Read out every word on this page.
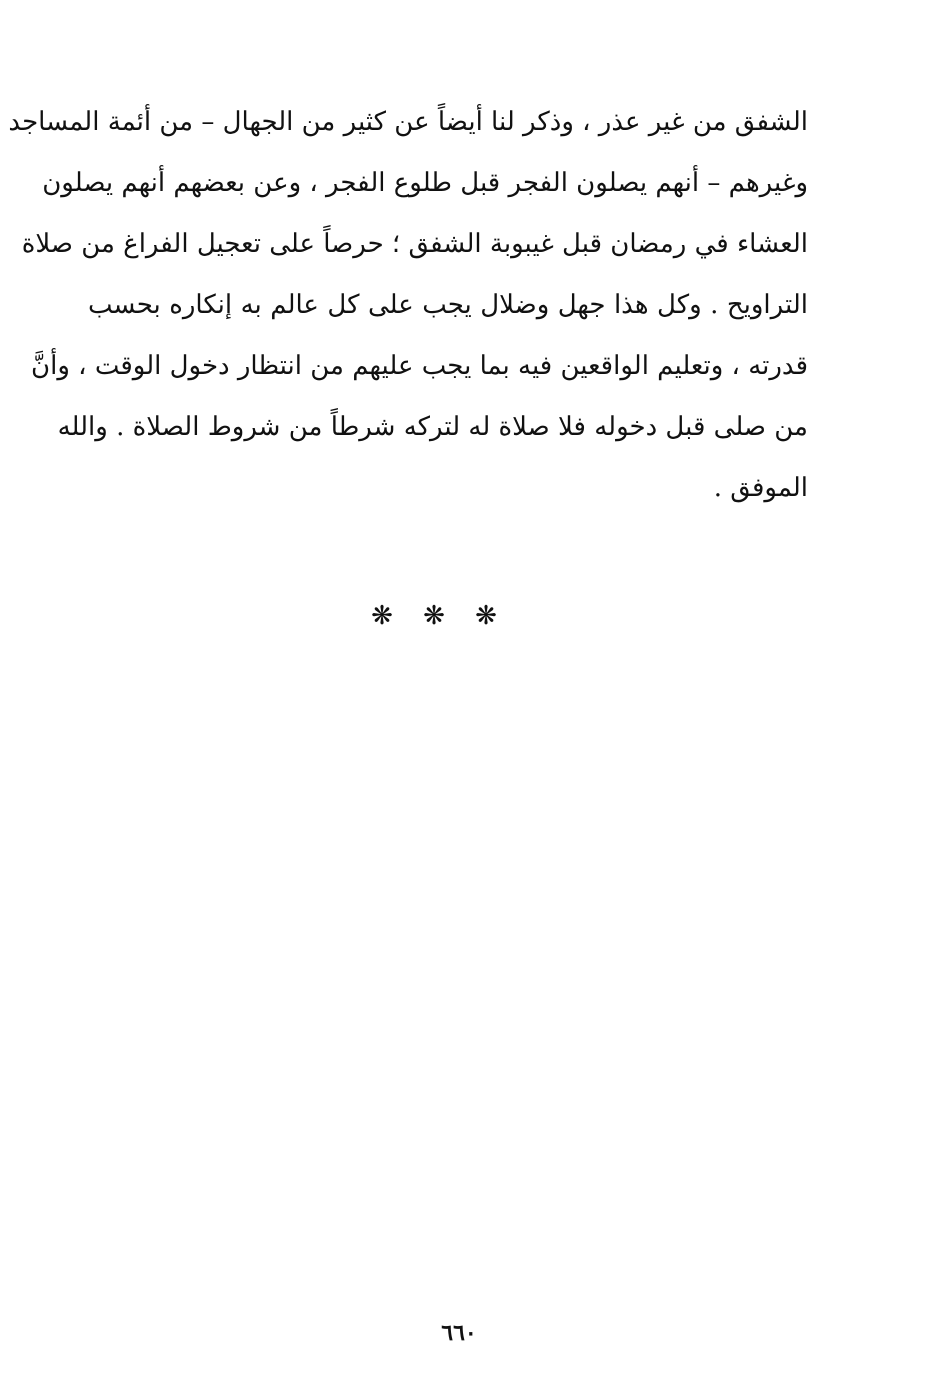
الشفق من غير عذر ، وذكر لنا أيضاً عن كثير من الجهال – من أئمة المساجد
وغيرهم – أنهم يصلون الفجر قبل طلوع الفجر ، وعن بعضهم أنهم يصلون
العشاء في رمضان قبل غيبوبة الشفق ؛ حرصاً على تعجيل الفراغ من صلاة
التراويح . وكل هذا جهل وضلال يجب على كل عالم به إنكاره بحسب
قدرته ، وتعليم الواقعين فيه بما يجب عليهم من انتظار دخول الوقت ، وأنَّ
من صلى قبل دخوله فلا صلاة له لتركه شرطاً من شروط الصلاة . والله
الموفق .
❋ ❋ ❋
٦٦٠
